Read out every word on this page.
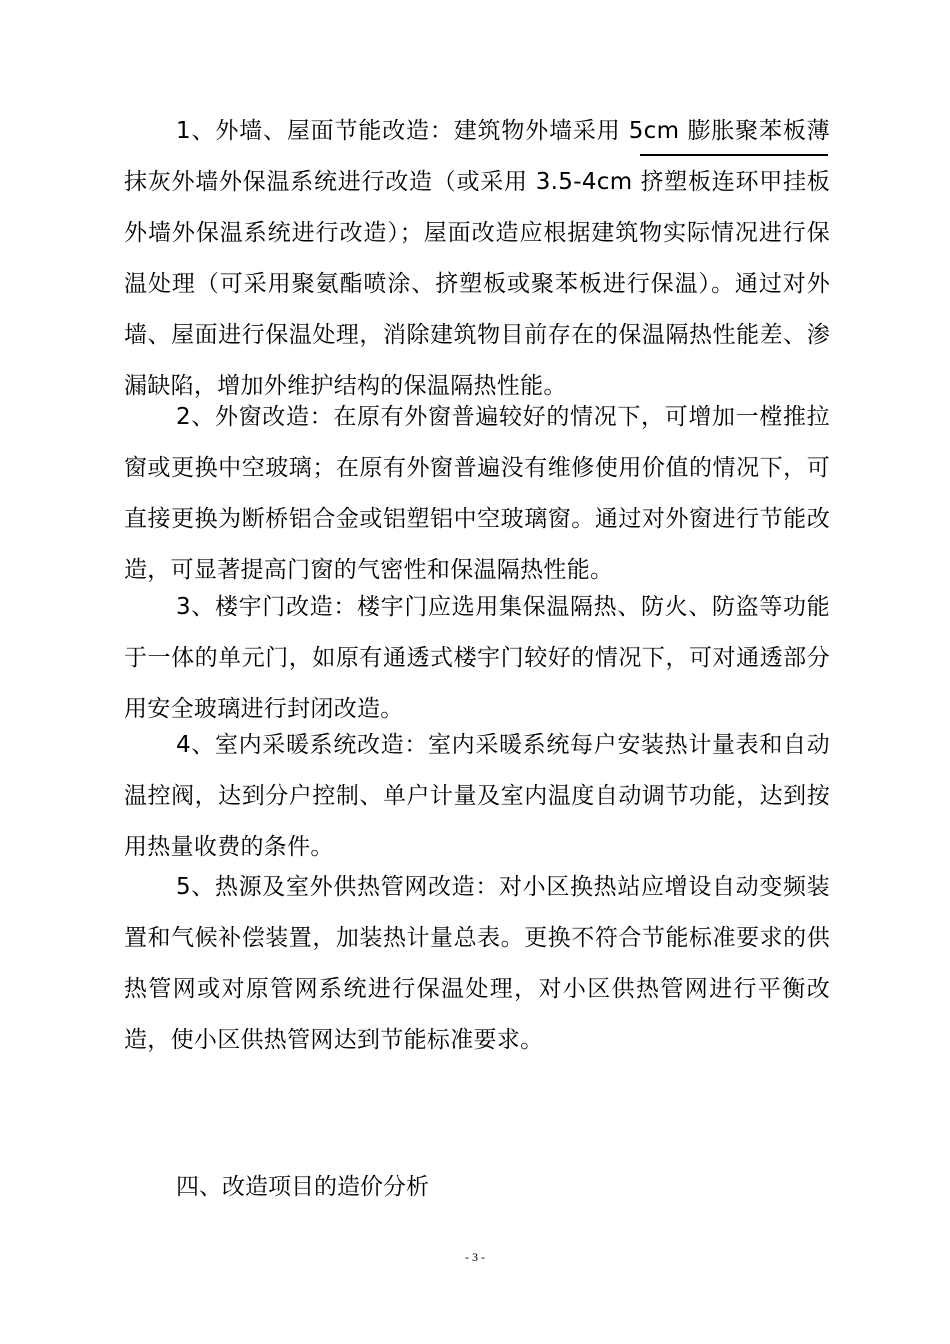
1、外墙、屋面节能改造：建筑物外墙采用 5cm 膨胀聚苯板薄抹灰外墙外保温系统进行改造（或采用 3.5-4cm 挤塑板连环甲挂板外墙外保温系统进行改造）；屋面改造应根据建筑物实际情况进行保温处理（可采用聚氨酯喷涂、挤塑板或聚苯板进行保温）。通过对外墙、屋面进行保温处理，消除建筑物目前存在的保温隔热性能差、渗漏缺陷，增加外维护结构的保温隔热性能。

2、外窗改造：在原有外窗普遍较好的情况下，可增加一樘推拉窗或更换中空玻璃；在原有外窗普遍没有维修使用价值的情况下，可直接更换为断桥铝合金或铝塑铝中空玻璃窗。通过对外窗进行节能改造，可显著提高门窗的气密性和保温隔热性能。

3、楼宇门改造：楼宇门应选用集保温隔热、防火、防盗等功能于一体的单元门，如原有通透式楼宇门较好的情况下，可对通透部分用安全玻璃进行封闭改造。

4、室内采暖系统改造：室内采暖系统每户安装热计量表和自动温控阀，达到分户控制、单户计量及室内温度自动调节功能，达到按用热量收费的条件。

5、热源及室外供热管网改造：对小区换热站应增设自动变频装置和气候补偿装置，加装热计量总表。更换不符合节能标准要求的供热管网或对原管网系统进行保温处理，对小区供热管网进行平衡改造，使小区供热管网达到节能标准要求。

四、改造项目的造价分析

- 3 -
